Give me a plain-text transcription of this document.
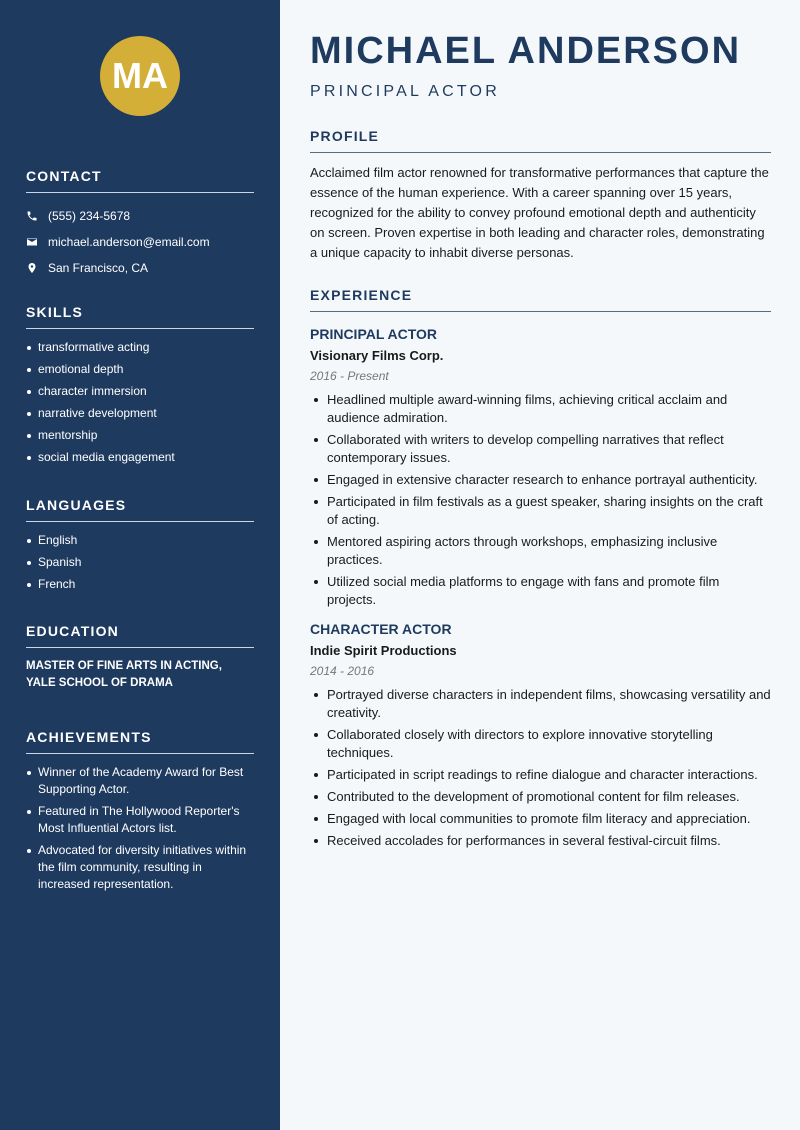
MA
CONTACT
(555) 234-5678
michael.anderson@email.com
San Francisco, CA
SKILLS
transformative acting
emotional depth
character immersion
narrative development
mentorship
social media engagement
LANGUAGES
English
Spanish
French
EDUCATION
MASTER OF FINE ARTS IN ACTING, YALE SCHOOL OF DRAMA
ACHIEVEMENTS
Winner of the Academy Award for Best Supporting Actor.
Featured in The Hollywood Reporter's Most Influential Actors list.
Advocated for diversity initiatives within the film community, resulting in increased representation.
MICHAEL ANDERSON
PRINCIPAL ACTOR
PROFILE
Acclaimed film actor renowned for transformative performances that capture the essence of the human experience. With a career spanning over 15 years, recognized for the ability to convey profound emotional depth and authenticity on screen. Proven expertise in both leading and character roles, demonstrating a unique capacity to inhabit diverse personas.
EXPERIENCE
PRINCIPAL ACTOR
Visionary Films Corp.
2016 - Present
Headlined multiple award-winning films, achieving critical acclaim and audience admiration.
Collaborated with writers to develop compelling narratives that reflect contemporary issues.
Engaged in extensive character research to enhance portrayal authenticity.
Participated in film festivals as a guest speaker, sharing insights on the craft of acting.
Mentored aspiring actors through workshops, emphasizing inclusive practices.
Utilized social media platforms to engage with fans and promote film projects.
CHARACTER ACTOR
Indie Spirit Productions
2014 - 2016
Portrayed diverse characters in independent films, showcasing versatility and creativity.
Collaborated closely with directors to explore innovative storytelling techniques.
Participated in script readings to refine dialogue and character interactions.
Contributed to the development of promotional content for film releases.
Engaged with local communities to promote film literacy and appreciation.
Received accolades for performances in several festival-circuit films.
